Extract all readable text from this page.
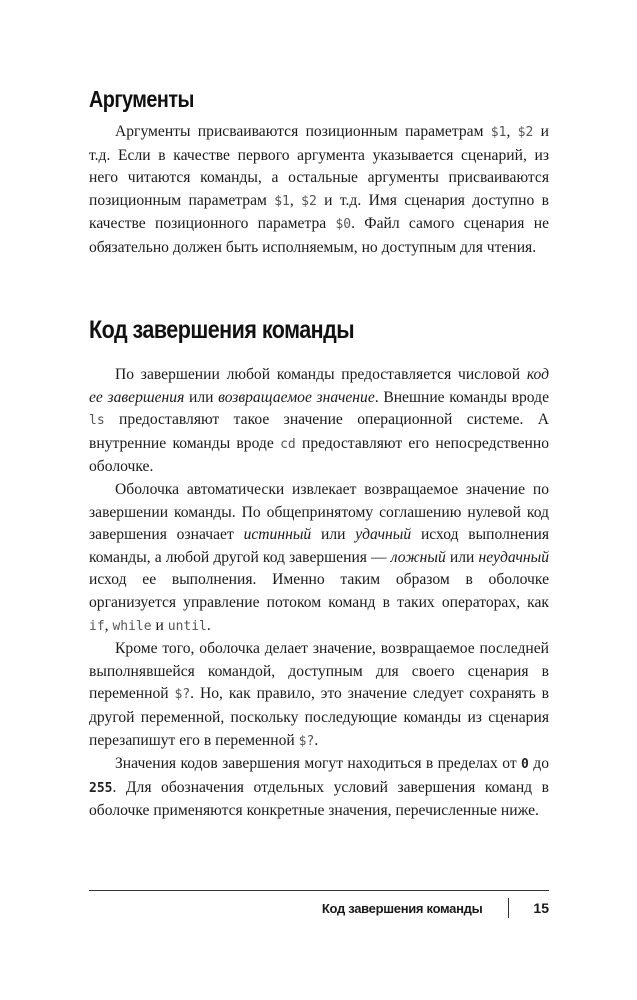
Аргументы

Аргументы присваиваются позиционным параметрам $1, $2 и т.д. Если в качестве первого аргумента указывается сценарий, из него читаются команды, а остальные аргументы присваиваются позиционным параметрам $1, $2 и т.д. Имя сценария доступно в качестве позиционного параметра $0. Файл самого сценария не обязательно должен быть исполняемым, но доступным для чтения.

Код завершения команды

По завершении любой команды предоставляется числовой код ее завершения или возвращаемое значение. Внешние команды вроде ls предоставляют такое значение операционной системе. А внутренние команды вроде cd предоставляют его непосредственно оболочке.

Оболочка автоматически извлекает возвращаемое значение по завершении команды. По общепринятому соглашению нулевой код завершения означает истинный или удачный исход выполнения команды, а любой другой код завершения — ложный или неудачный исход ее выполнения. Именно таким образом в оболочке организуется управление потоком команд в таких операторах, как if, while и until.

Кроме того, оболочка делает значение, возвращаемое последней выполнявшейся командой, доступным для своего сценария в переменной $?. Но, как правило, это значение следует сохранять в другой переменной, поскольку последующие команды из сценария перезапишут его в переменной $?.

Значения кодов завершения могут находиться в пределах от 0 до 255. Для обозначения отдельных условий завершения команд в оболочке применяются конкретные значения, перечисленные ниже.

Код завершения команды	15
